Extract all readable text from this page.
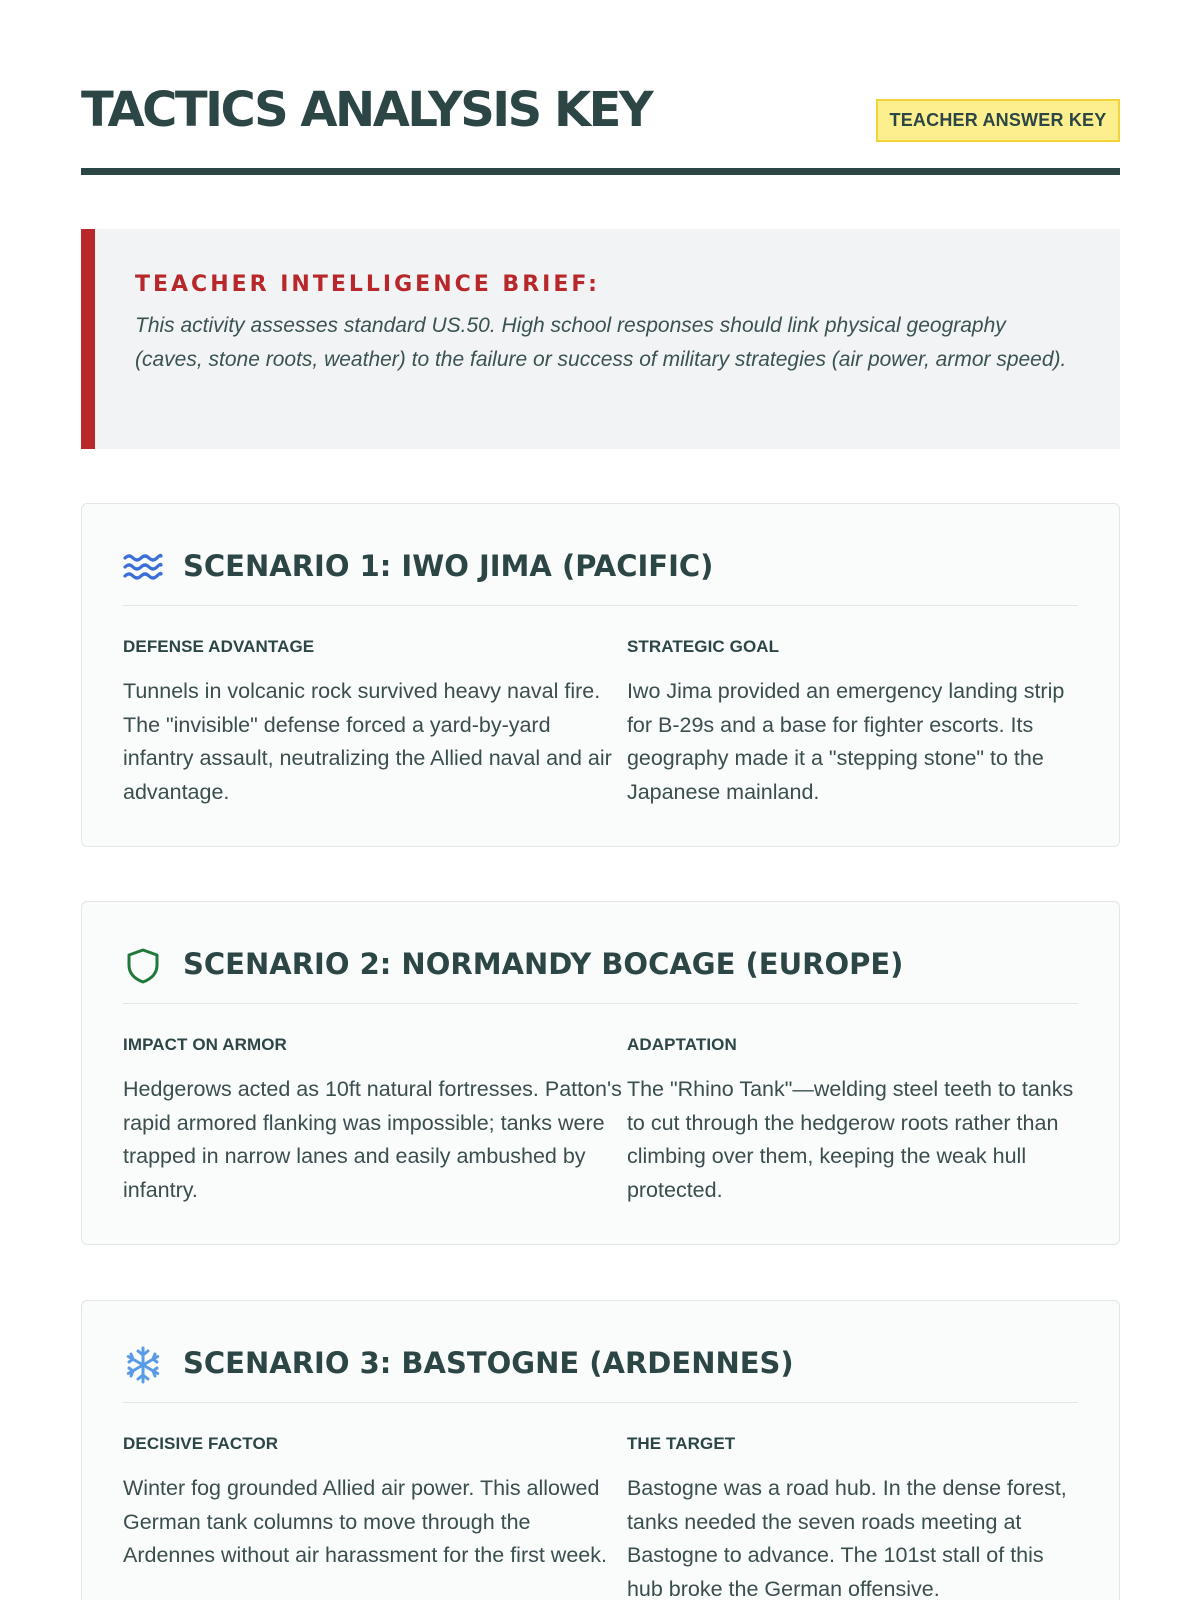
TACTICS ANALYSIS KEY	TEACHER ANSWER KEY
TEACHER INTELLIGENCE BRIEF:

This activity assesses standard US.50. High school responses should link physical geography (caves, stone roots, weather) to the failure or success of military strategies (air power, armor speed).

SCENARIO 1: IWO JIMA (PACIFIC)
DEFENSE ADVANTAGE

Tunnels in volcanic rock survived heavy naval fire. The "invisible" defense forced a yard-by-yard infantry assault, neutralizing the Allied naval and air advantage.

STRATEGIC GOAL

Iwo Jima provided an emergency landing strip for B-29s and a base for fighter escorts. Its geography made it a "stepping stone" to the Japanese mainland.

SCENARIO 2: NORMANDY BOCAGE (EUROPE)
IMPACT ON ARMOR

Hedgerows acted as 10ft natural fortresses. Patton's rapid armored flanking was impossible; tanks were trapped in narrow lanes and easily ambushed by infantry.

ADAPTATION

The "Rhino Tank"—welding steel teeth to tanks to cut through the hedgerow roots rather than climbing over them, keeping the weak hull protected.

SCENARIO 3: BASTOGNE (ARDENNES)
DECISIVE FACTOR

Winter fog grounded Allied air power. This allowed German tank columns to move through the Ardennes without air harassment for the first week.

THE TARGET

Bastogne was a road hub. In the dense forest, tanks needed the seven roads meeting at Bastogne to advance. The 101st stall of this hub broke the German offensive.
